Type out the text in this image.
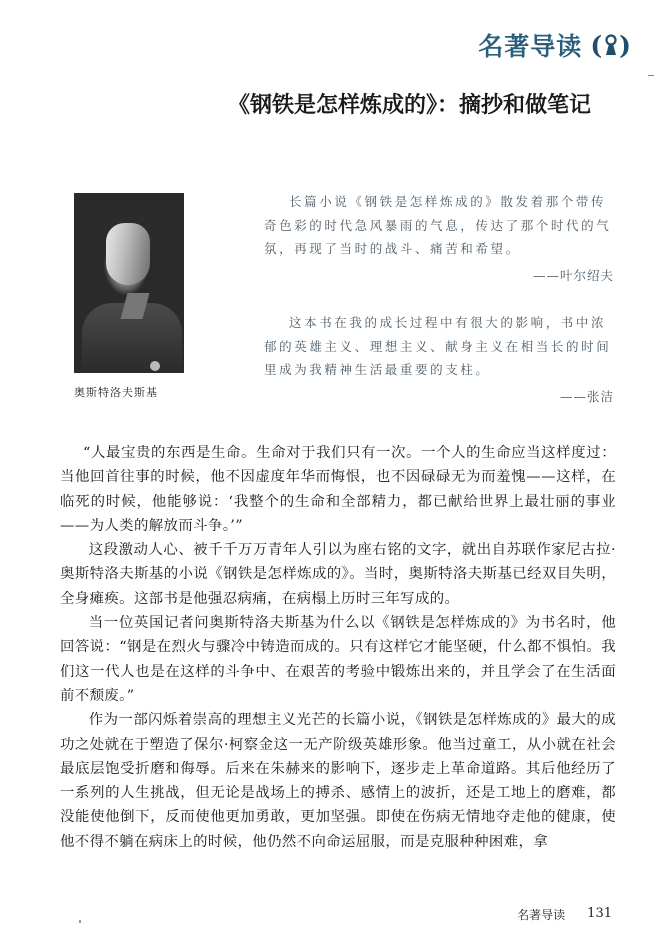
名著导读 ( )
《钢铁是怎样炼成的》：摘抄和做笔记
奥斯特洛夫斯基

长篇小说《钢铁是怎样炼成的》散发着那个带传奇色彩的时代急风暴雨的气息，传达了那个时代的气氛，再现了当时的战斗、痛苦和希望。

——叶尔绍夫

这本书在我的成长过程中有很大的影响，书中浓郁的英雄主义、理想主义、献身主义在相当长的时间里成为我精神生活最重要的支柱。

——张洁

“人最宝贵的东西是生命。生命对于我们只有一次。一个人的生命应当这样度过：当他回首往事的时候，他不因虚度年华而悔恨，也不因碌碌无为而羞愧——这样，在临死的时候，他能够说：‘我整个的生命和全部精力，都已献给世界上最壮丽的事业——为人类的解放而斗争。’”

这段激动人心、被千千万万青年人引以为座右铭的文字，就出自苏联作家尼古拉·奥斯特洛夫斯基的小说《钢铁是怎样炼成的》。当时，奥斯特洛夫斯基已经双目失明，全身瘫痪。这部书是他强忍病痛，在病榻上历时三年写成的。

当一位英国记者问奥斯特洛夫斯基为什么以《钢铁是怎样炼成的》为书名时，他回答说：“钢是在烈火与骤冷中铸造而成的。只有这样它才能坚硬，什么都不惧怕。我们这一代人也是在这样的斗争中、在艰苦的考验中锻炼出来的，并且学会了在生活面前不颓废。”

作为一部闪烁着崇高的理想主义光芒的长篇小说，《钢铁是怎样炼成的》最大的成功之处就在于塑造了保尔·柯察金这一无产阶级英雄形象。他当过童工，从小就在社会最底层饱受折磨和侮辱。后来在朱赫来的影响下，逐步走上革命道路。其后他经历了一系列的人生挑战，但无论是战场上的搏杀、感情上的波折，还是工地上的磨难，都没能使他倒下，反而使他更加勇敢，更加坚强。即使在伤病无情地夺走他的健康，使他不得不躺在病床上的时候，他仍然不向命运屈服，而是克服种种困难，拿

名著导读 131
